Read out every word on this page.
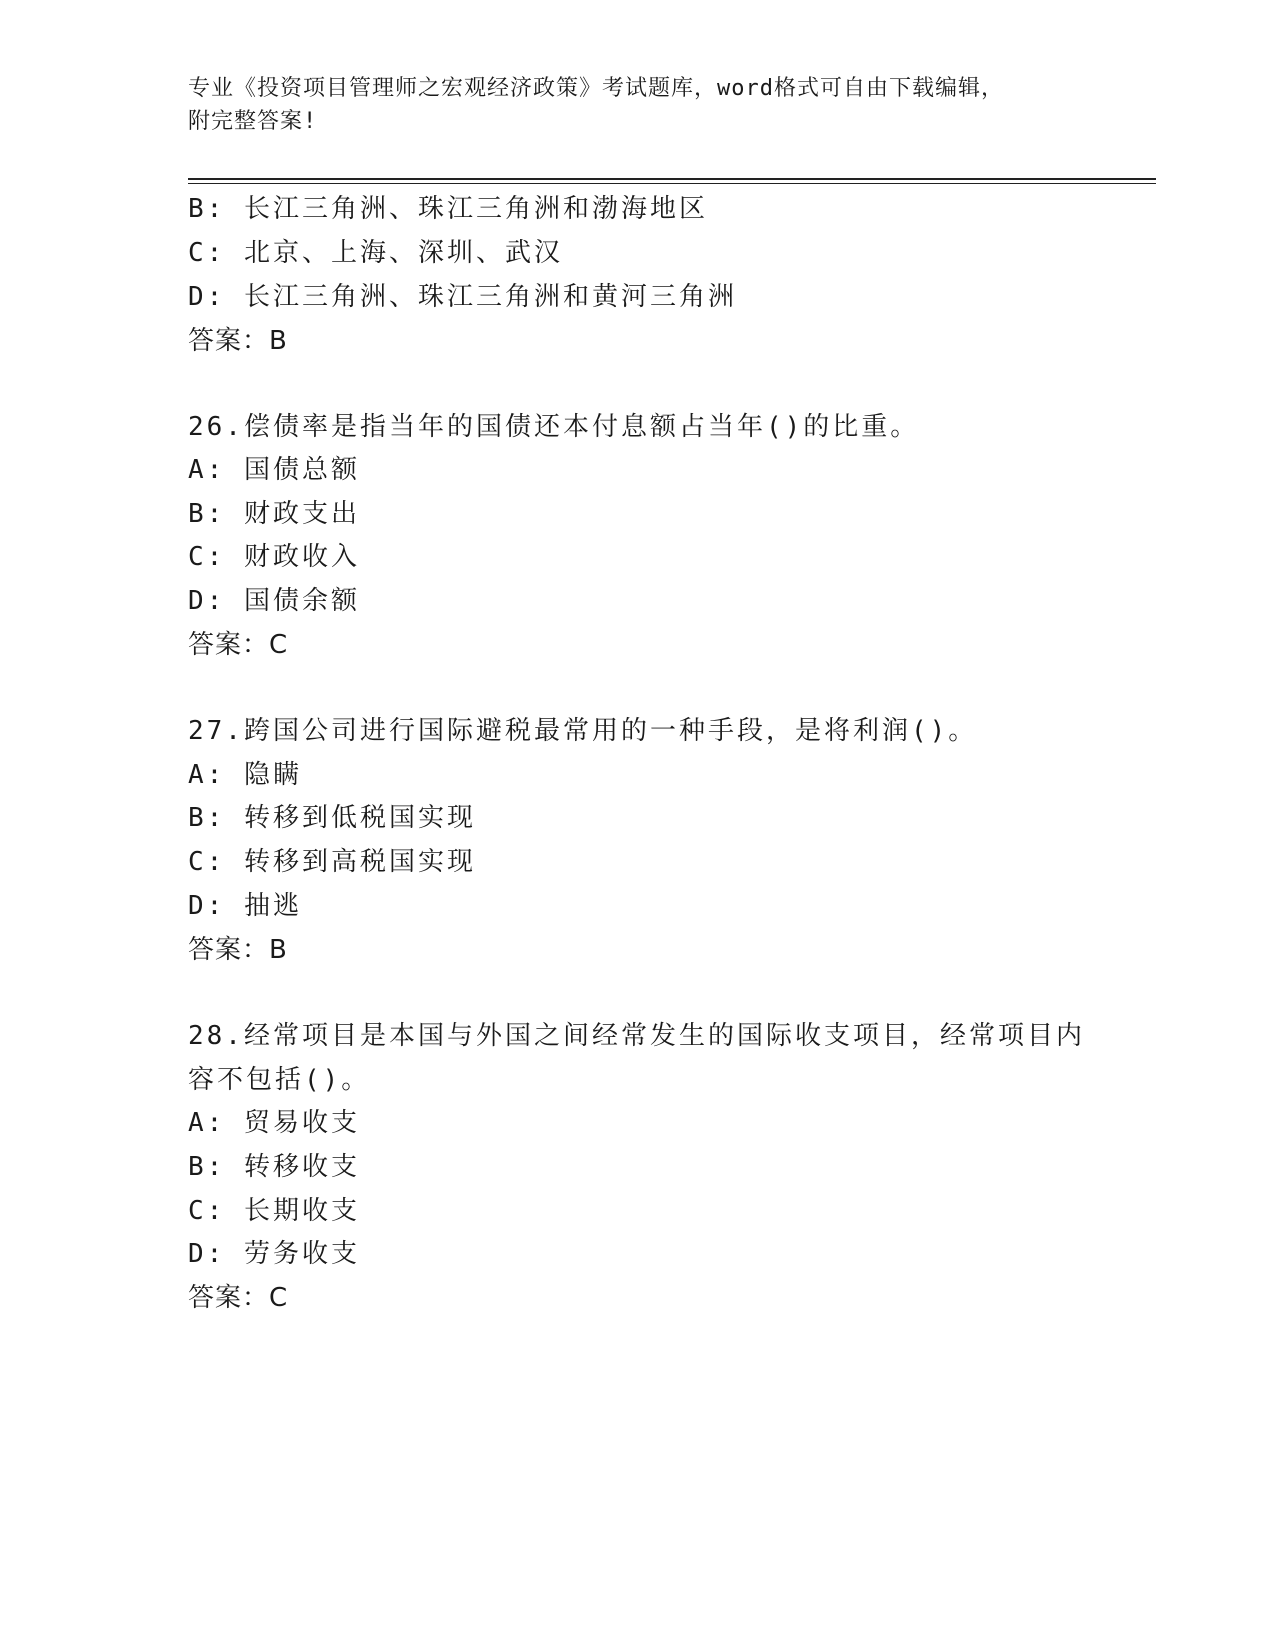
专业《投资项目管理师之宏观经济政策》考试题库，word格式可自由下载编辑，
附完整答案!
B: 长江三角洲、珠江三角洲和渤海地区
C: 北京、上海、深圳、武汉
D: 长江三角洲、珠江三角洲和黄河三角洲
答案：B
26.偿债率是指当年的国债还本付息额占当年()的比重。
A: 国债总额
B: 财政支出
C: 财政收入
D: 国债余额
答案：C
27.跨国公司进行国际避税最常用的一种手段，是将利润()。
A: 隐瞒
B: 转移到低税国实现
C: 转移到高税国实现
D: 抽逃
答案：B
28.经常项目是本国与外国之间经常发生的国际收支项目，经常项目内
容不包括()。
A: 贸易收支
B: 转移收支
C: 长期收支
D: 劳务收支
答案：C
